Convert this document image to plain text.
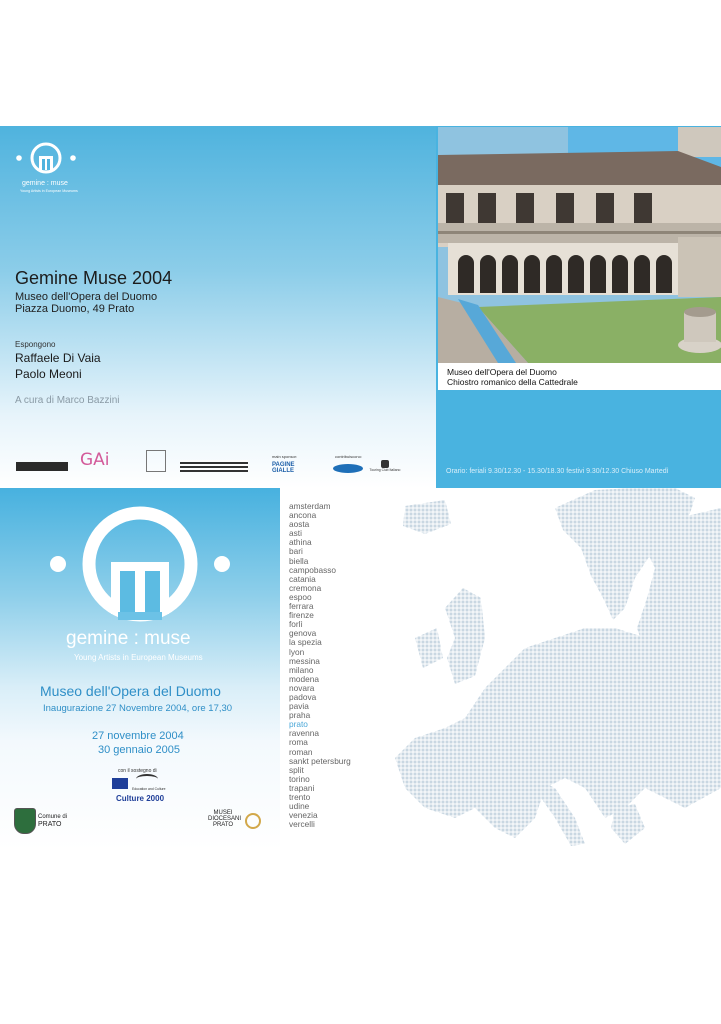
gemine : muse
Young Artists in European Museums
Gemine Muse 2004
Museo dell'Opera del Duomo
Piazza Duomo, 49 Prato
Espongono
Raffaele Di Vaia
Paolo Meoni
A cura di Marco Bazzini
GAi	main sponsor:
PAGINE
GIALLE
contribuiscono:
Touring Club Italiano
Museo dell'Opera del Duomo
Chiostro romanico della Cattedrale
Orario: feriali 9.30/12.30 - 15.30/18.30 festivi 9.30/12.30 Chiuso Martedì
gemine : muse
Young Artists in European Museums
Museo dell'Opera del Duomo
Inaugurazione 27 Novembre 2004, ore 17,30
27 novembre 2004
30 gennaio 2005
con il sostegno di
Education and Culture
Culture 2000
Comune di
PRATO
MUSEI
DIOCESANI
PRATO
amsterdam
ancona
aosta
asti
athina
bari
biella
campobasso
catania
cremona
espoo
ferrara
firenze
forlì
genova
la spezia
lyon
messina
milano
modena
novara
padova
pavia
praha
prato
ravenna
roma
roman
sankt petersburg
split
torino
trapani
trento
udine
venezia
vercelli
